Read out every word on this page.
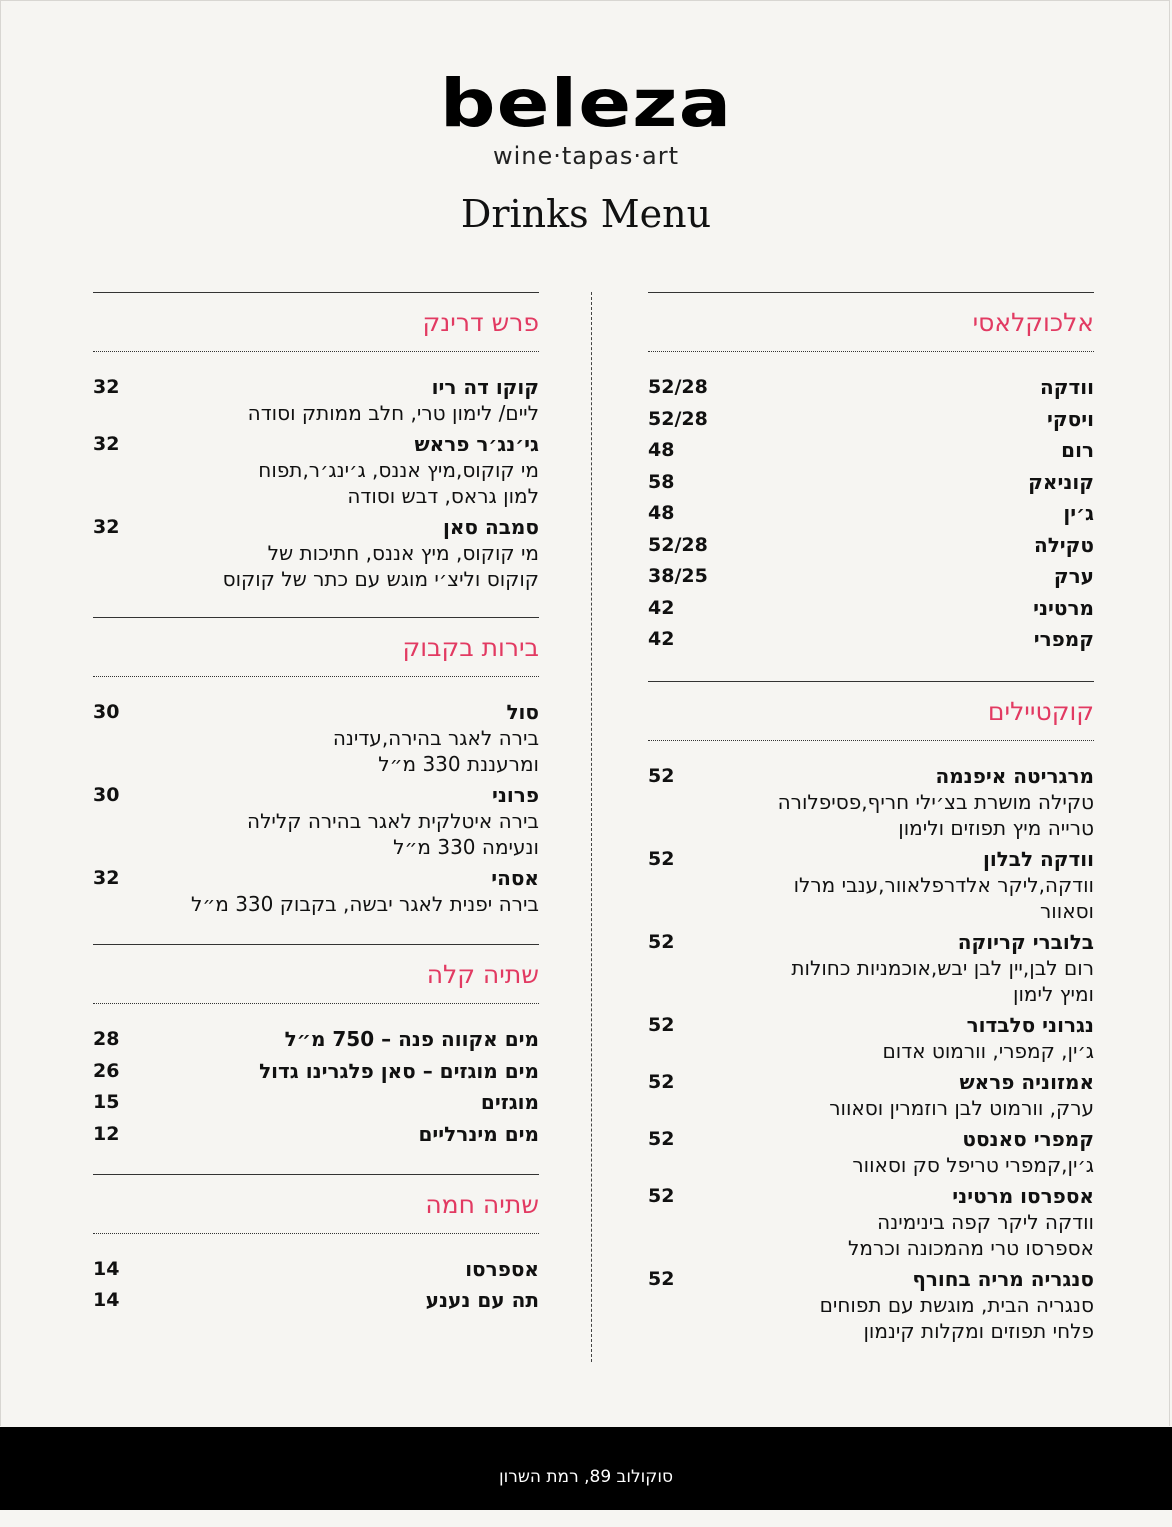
beleza
wine·tapas·art
Drinks Menu
אלכוקלאסי
וודקה
52/28
ויסקי
52/28
רום
48
קוניאק
58
ג׳ין
48
טקילה
52/28
ערק
38/25
מרטיני
42
קמפרי
42
קוקטיילים
מרגריטה איפנמה
טקילה מושרת בצ׳ילי חריף,פסיפלורה
טרייה מיץ תפוזים ולימון
52
וודקה לבלון
וודקה,ליקר אלדרפלאוור,ענבי מרלו
וסאוור
52
בלוברי קריוקה
רום לבן,יין לבן יבש,אוכמניות כחולות
ומיץ לימון
52
נגרוני סלבדור
ג׳ין, קמפרי, וורמוט אדום
52
אמזוניה פראש
ערק, וורמוט לבן רוזמרין וסאוור
52
קמפרי סאנסט
ג׳ין,קמפרי טריפל סק וסאוור
52
אספרסו מרטיני
וודקה ליקר קפה בינימינה
אספרסו טרי מהמכונה וכרמל
52
סנגריה מריה בחורף
סנגריה הבית, מוגשת עם תפוחים
פלחי תפוזים ומקלות קינמון
52
פרש דרינק
קוקו דה ריו
ליים/ לימון טרי, חלב ממותק וסודה
32
גי׳נג׳ר פראש
מי קוקוס,מיץ אננס, ג׳ינג׳ר,תפוח
למון גראס, דבש וסודה
32
סמבה סאן
מי קוקוס, מיץ אננס, חתיכות של
קוקוס וליצ׳י מוגש עם כתר של קוקוס
32
בירות בקבוק
סול
בירה לאגר בהירה,עדינה
ומרעננת 330 מ״ל
30
פרוני
בירה איטלקית לאגר בהירה קלילה
ונעימה 330 מ״ל
30
אסהי
בירה יפנית לאגר יבשה, בקבוק 330 מ״ל
32
שתיה קלה
מים אקווה פנה – 750 מ״ל
28
מים מוגזים – סאן פלגרינו גדול
26
מוגזים
15
מים מינרליים
12
שתיה חמה
אספרסו
14
תה עם נענע
14
סוקולוב 89, רמת השרון
